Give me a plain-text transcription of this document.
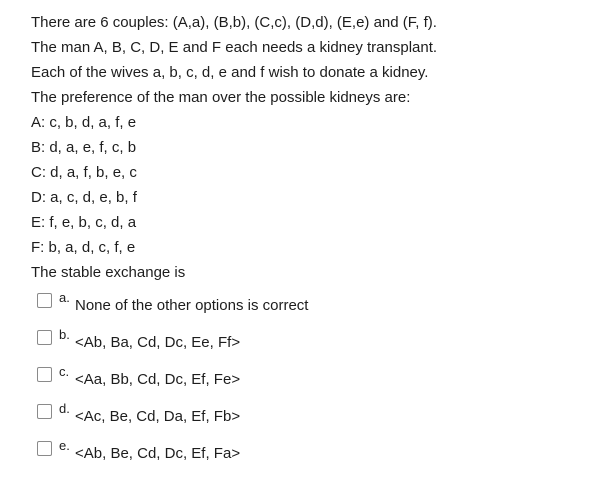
There are 6 couples: (A,a), (B,b), (C,c), (D,d), (E,e) and (F, f).
The man A, B, C, D, E and F each needs a kidney transplant.
Each of the wives a, b, c, d, e and f wish to donate a kidney.
The preference of the man over the possible kidneys are:
A: c, b, d, a, f, e
B: d, a, e, f, c, b
C: d, a, f, b, e, c
D: a, c, d, e, b, f
E: f, e, b, c, d, a
F: b, a, d, c, f, e
The stable exchange is
a. None of the other options is correct
b. <Ab, Ba, Cd, Dc, Ee, Ff>
c. <Aa, Bb, Cd, Dc, Ef, Fe>
d. <Ac, Be, Cd, Da, Ef, Fb>
e. <Ab, Be, Cd, Dc, Ef, Fa>
